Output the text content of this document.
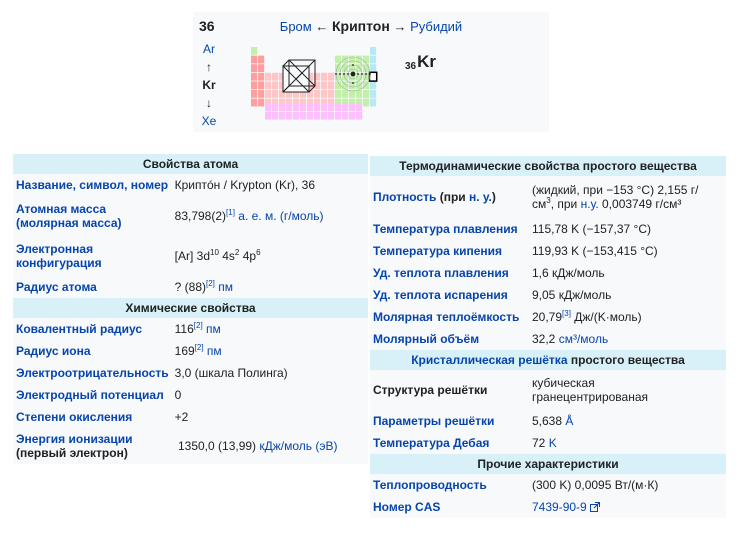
36	Бром ← Криптон → Рубидий
Ar
↑
Kr
↓
Xe
$_{36}$Kr
Свойства атома	
Название, символ, номер	Криптóн / Krypton (Kr), 36
Атомная масса
(молярная масса)	83,798(2)[1] а. е. м. (г/моль)
Электронная конфигурация	[Ar] $3d^{10}$ $4s^2$ $4p^6$
Радиус атома	? (88)[2] пм
Химические свойства	
Ковалентный радиус	116[2] пм
Радиус иона	169[2] пм
Электроотрицательность	3,0 (шкала Полинга)
Электродный потенциал	0
Степени окисления	+2
Энергия ионизации
(первый электрон)	1350,0 (13,99) кДж/моль (эВ)
Термодинамические свойства простого вещества	
Плотность (при н. у.)	(жидкий, при −153 °C) 2,155 г/
$см^3$, при н.у. 0,003749 г/см³
Температура плавления	115,78 K (−157,37 °C)
Температура кипения	119,93 K (−153,415 °C)
Уд. теплота плавления	1,6 кДж/моль
Уд. теплота испарения	9,05 кДж/моль
Молярная теплоёмкость	20,79[3] Дж/(K·моль)
Молярный объём	32,2 см³/моль
Кристаллическая решётка простого вещества	
Структура решётки	кубическая
гранецентрированая
Параметры решётки	5,638 Å
Температура Дебая	72 K
Прочие характеристики	
Теплопроводность	(300 K) 0,0095 Вт/(м·К)
Номер CAS	7439-90-9
